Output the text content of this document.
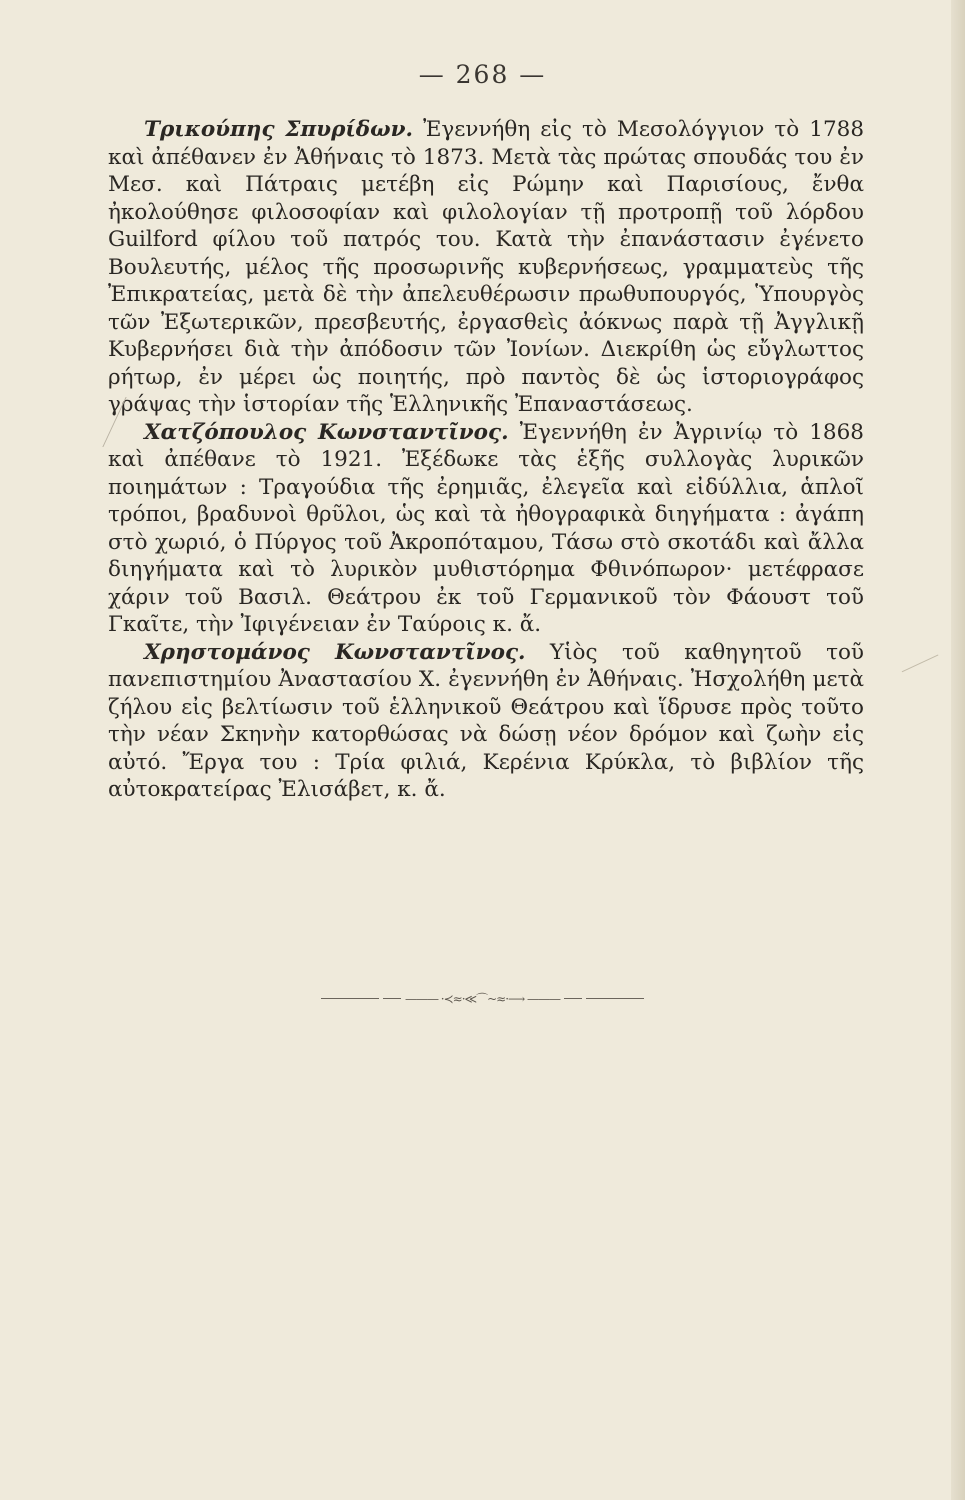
— 268 —

Τρικούπης Σπυρίδων. Ἐγεννήθη εἰς τὸ Μεσολόγγιον τὸ 1788 καὶ ἀπέθανεν ἐν Ἀθήναις τὸ 1873. Μετὰ τὰς πρώτας σπουδάς του ἐν Μεσ. καὶ Πάτραις μετέβη εἰς Ρώμην καὶ Παρισίους, ἔνθα ἠκολούθησε φιλοσοφίαν καὶ φιλολογίαν τῇ προτροπῇ τοῦ λόρδου Guilford φίλου τοῦ πατρός του. Κατὰ τὴν ἐπανάστασιν ἐγένετο Βουλευτής, μέλος τῆς προσωρινῆς κυβερνήσεως, γραμματεὺς τῆς Ἐπικρατείας, μετὰ δὲ τὴν ἀπελευθέρωσιν πρωθυπουργός, Ὑπουργὸς τῶν Ἐξωτερικῶν, πρεσβευτής, ἐργασθεὶς ἀόκνως παρὰ τῇ Ἀγγλικῇ Κυβερνήσει διὰ τὴν ἀπόδοσιν τῶν Ἰονίων. Διεκρίθη ὡς εὔγλωττος ρήτωρ, ἐν μέρει ὡς ποιητής, πρὸ παντὸς δὲ ὡς ἱστοριογράφος γράψας τὴν ἱστορίαν τῆς Ἑλληνικῆς Ἐπαναστάσεως.

Χατζόπουλος Κωνσταντῖνος. Ἐγεννήθη ἐν Ἀγρινίῳ τὸ 1868 καὶ ἀπέθανε τὸ 1921. Ἐξέδωκε τὰς ἑξῆς συλλογὰς λυρικῶν ποιημάτων : Τραγούδια τῆς ἐρημιᾶς, ἐλεγεῖα καὶ εἰδύλλια, ἁπλοῖ τρόποι, βραδυνοὶ θρῦλοι, ὡς καὶ τὰ ἠθογραφικὰ διηγήματα : ἀγάπη στὸ χωριό, ὁ Πύργος τοῦ Ἀκροπόταμου, Τάσω στὸ σκοτάδι καὶ ἄλλα διηγήματα καὶ τὸ λυρικὸν μυθιστόρημα Φθινόπωρον· μετέφρασε χάριν τοῦ Βασιλ. Θεάτρου ἐκ τοῦ Γερμανικοῦ τὸν Φάουστ τοῦ Γκαῖτε, τὴν Ἰφιγένειαν ἐν Ταύροις κ. ἄ.

Χρηστομάνος Κωνσταντῖνος. Υἱὸς τοῦ καθηγητοῦ τοῦ πανεπιστημίου Ἀναστασίου Χ. ἐγεννήθη ἐν Ἀθήναις. Ἠσχολήθη μετὰ ζήλου εἰς βελτίωσιν τοῦ ἑλληνικοῦ Θεάτρου καὶ ἵδρυσε πρὸς τοῦτο τὴν νέαν Σκηνὴν κατορθώσας νὰ δώσῃ νέον δρόμον καὶ ζωὴν εἰς αὐτό. Ἔργα του : Τρία φιλιά, Κερένια Κρύκλα, τὸ βιβλίον τῆς αὐτοκρατείρας Ἐλισάβετ, κ. ἄ.

——— ·≺≈·≪⌒~≈·⟶ ———
